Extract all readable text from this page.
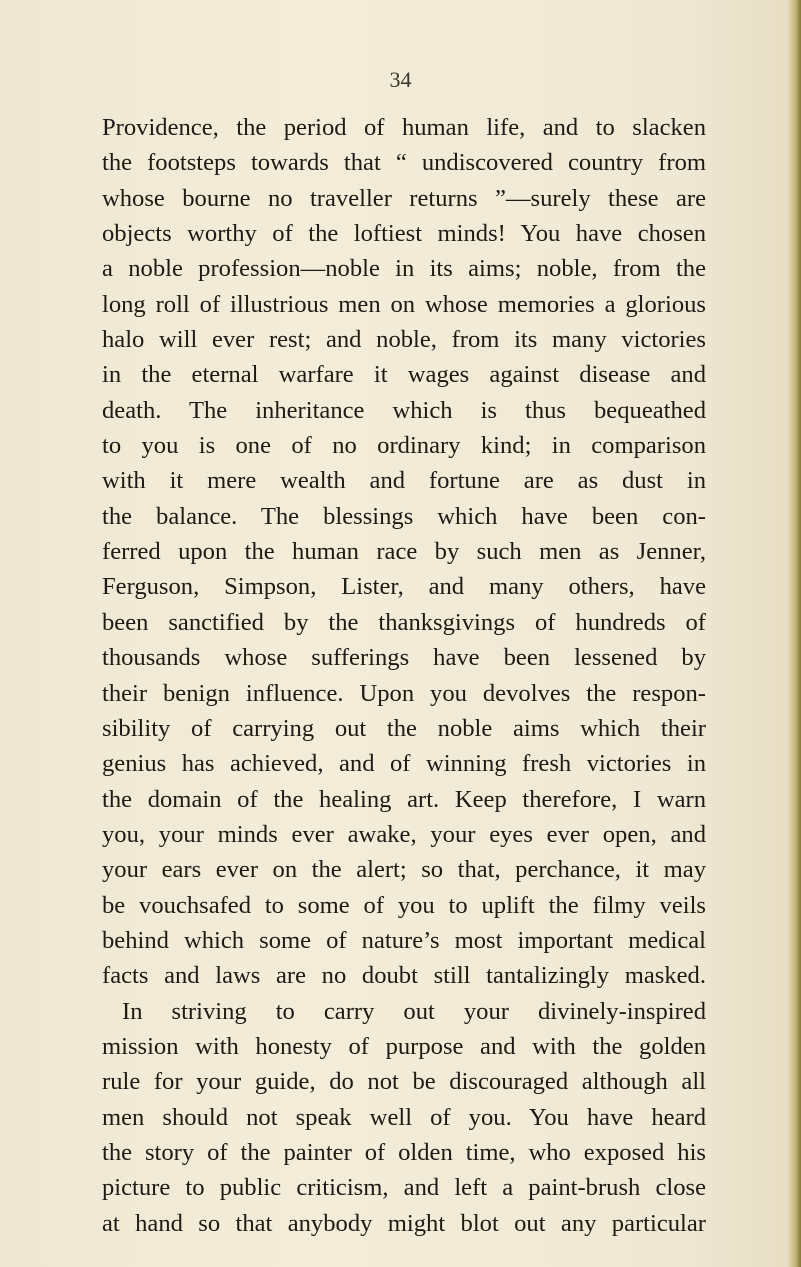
34
Providence, the period of human life, and to slacken
the footsteps towards that “ undiscovered country from
whose bourne no traveller returns ”—surely these are
objects worthy of the loftiest minds! You have chosen
a noble profession—noble in its aims; noble, from the
long roll of illustrious men on whose memories a glorious
halo will ever rest; and noble, from its many victories
in the eternal warfare it wages against disease and
death. The inheritance which is thus bequeathed
to you is one of no ordinary kind; in comparison
with it mere wealth and fortune are as dust in
the balance. The blessings which have been con-
ferred upon the human race by such men as Jenner,
Ferguson, Simpson, Lister, and many others, have
been sanctified by the thanksgivings of hundreds of
thousands whose sufferings have been lessened by
their benign influence. Upon you devolves the respon-
sibility of carrying out the noble aims which their
genius has achieved, and of winning fresh victories in
the domain of the healing art. Keep therefore, I warn
you, your minds ever awake, your eyes ever open, and
your ears ever on the alert; so that, perchance, it may
be vouchsafed to some of you to uplift the filmy veils
behind which some of nature’s most important medical
facts and laws are no doubt still tantalizingly masked.
In striving to carry out your divinely-inspired
mission with honesty of purpose and with the golden
rule for your guide, do not be discouraged although all
men should not speak well of you. You have heard
the story of the painter of olden time, who exposed his
picture to public criticism, and left a paint-brush close
at hand so that anybody might blot out any particular
